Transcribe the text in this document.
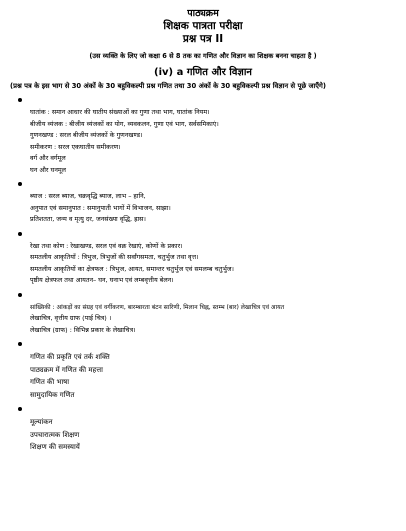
पाठ्यक्रम
शिक्षक पात्रता परीक्षा
प्रश्न पत्र II
(उस व्यक्ति के लिए जो कक्षा 6 से 8 तक का गणित और विज्ञान का शिक्षक बनना चाहता है )
(iv) a गणित और विज्ञान
(प्रश्न पत्र के इस भाग से 30 अंकों के 30 बहुविकल्पी प्रश्न गणित तथा 30 अंकों के 30 बहुविकल्पी प्रश्न विज्ञान से पूछे जाएँगे)
घातांक : समान आधार की घातीय संख्याओं का गुणा तथा भाग, घातांक नियम।
बीजीय व्यंजक : बीजीय व्यंजकों का योग, व्यवकलन, गुणा एवं भाग, सर्वसमिकाएं।
गुणनखण्ड : सरल बीजीय व्यंजकों के गुणनखण्ड।
समीकरण : सरल एकघातीय समीकरण।
वर्ग और वर्गमूल
घन और घनमूल
ब्याज : सरल ब्याज, चक्रवृद्धि ब्याज, लाभ – हानि,
अनुपात एवं समानुपात : समानुपाती भागों में विभाजन, साझा।
प्रतिशतता, जन्म व मृत्यु दर, जनसंख्या वृद्धि, ह्रास।
रेखा तथा कोण : रेखाखण्ड, सरल एवं वक्र रेखाएं, कोणों के प्रकार।
समतलीय आकृतियाँ : त्रिभुज, त्रिभुजों की सर्वांगसमता, चतुर्भुज तथा वृत्त।
समतलीय आकृतियों का क्षेत्रफल : त्रिभुज, आयत, समान्तर चतुर्भुज एवं समलम्ब चतुर्भुज।
पृष्ठीय क्षेत्रफल तथा आयतन– घन, घनाभ एवं लम्बवृत्तीय बेलन।
सांख्यिकी : आंकड़ों का संग्रह एवं वर्गीकरण, बारम्बारता बंटन सारिणी, मिलान चिह्न, स्तम्भ (बार) लेखाचित्र एवं आयत
लेखाचित्र, वृत्तीय ग्राफ (पाई चित्र) ।
लेखाचित्र (ग्राफ) : विभिन्न प्रकार के लेखाचित्र।
गणित की प्रकृति एवं तर्क शक्ति
पाठ्यक्रम में गणित की महत्ता
गणित की भाषा
सामुदायिक गणित
मूल्यांकन
उपचारात्मक शिक्षण
शिक्षण की समस्यायें
